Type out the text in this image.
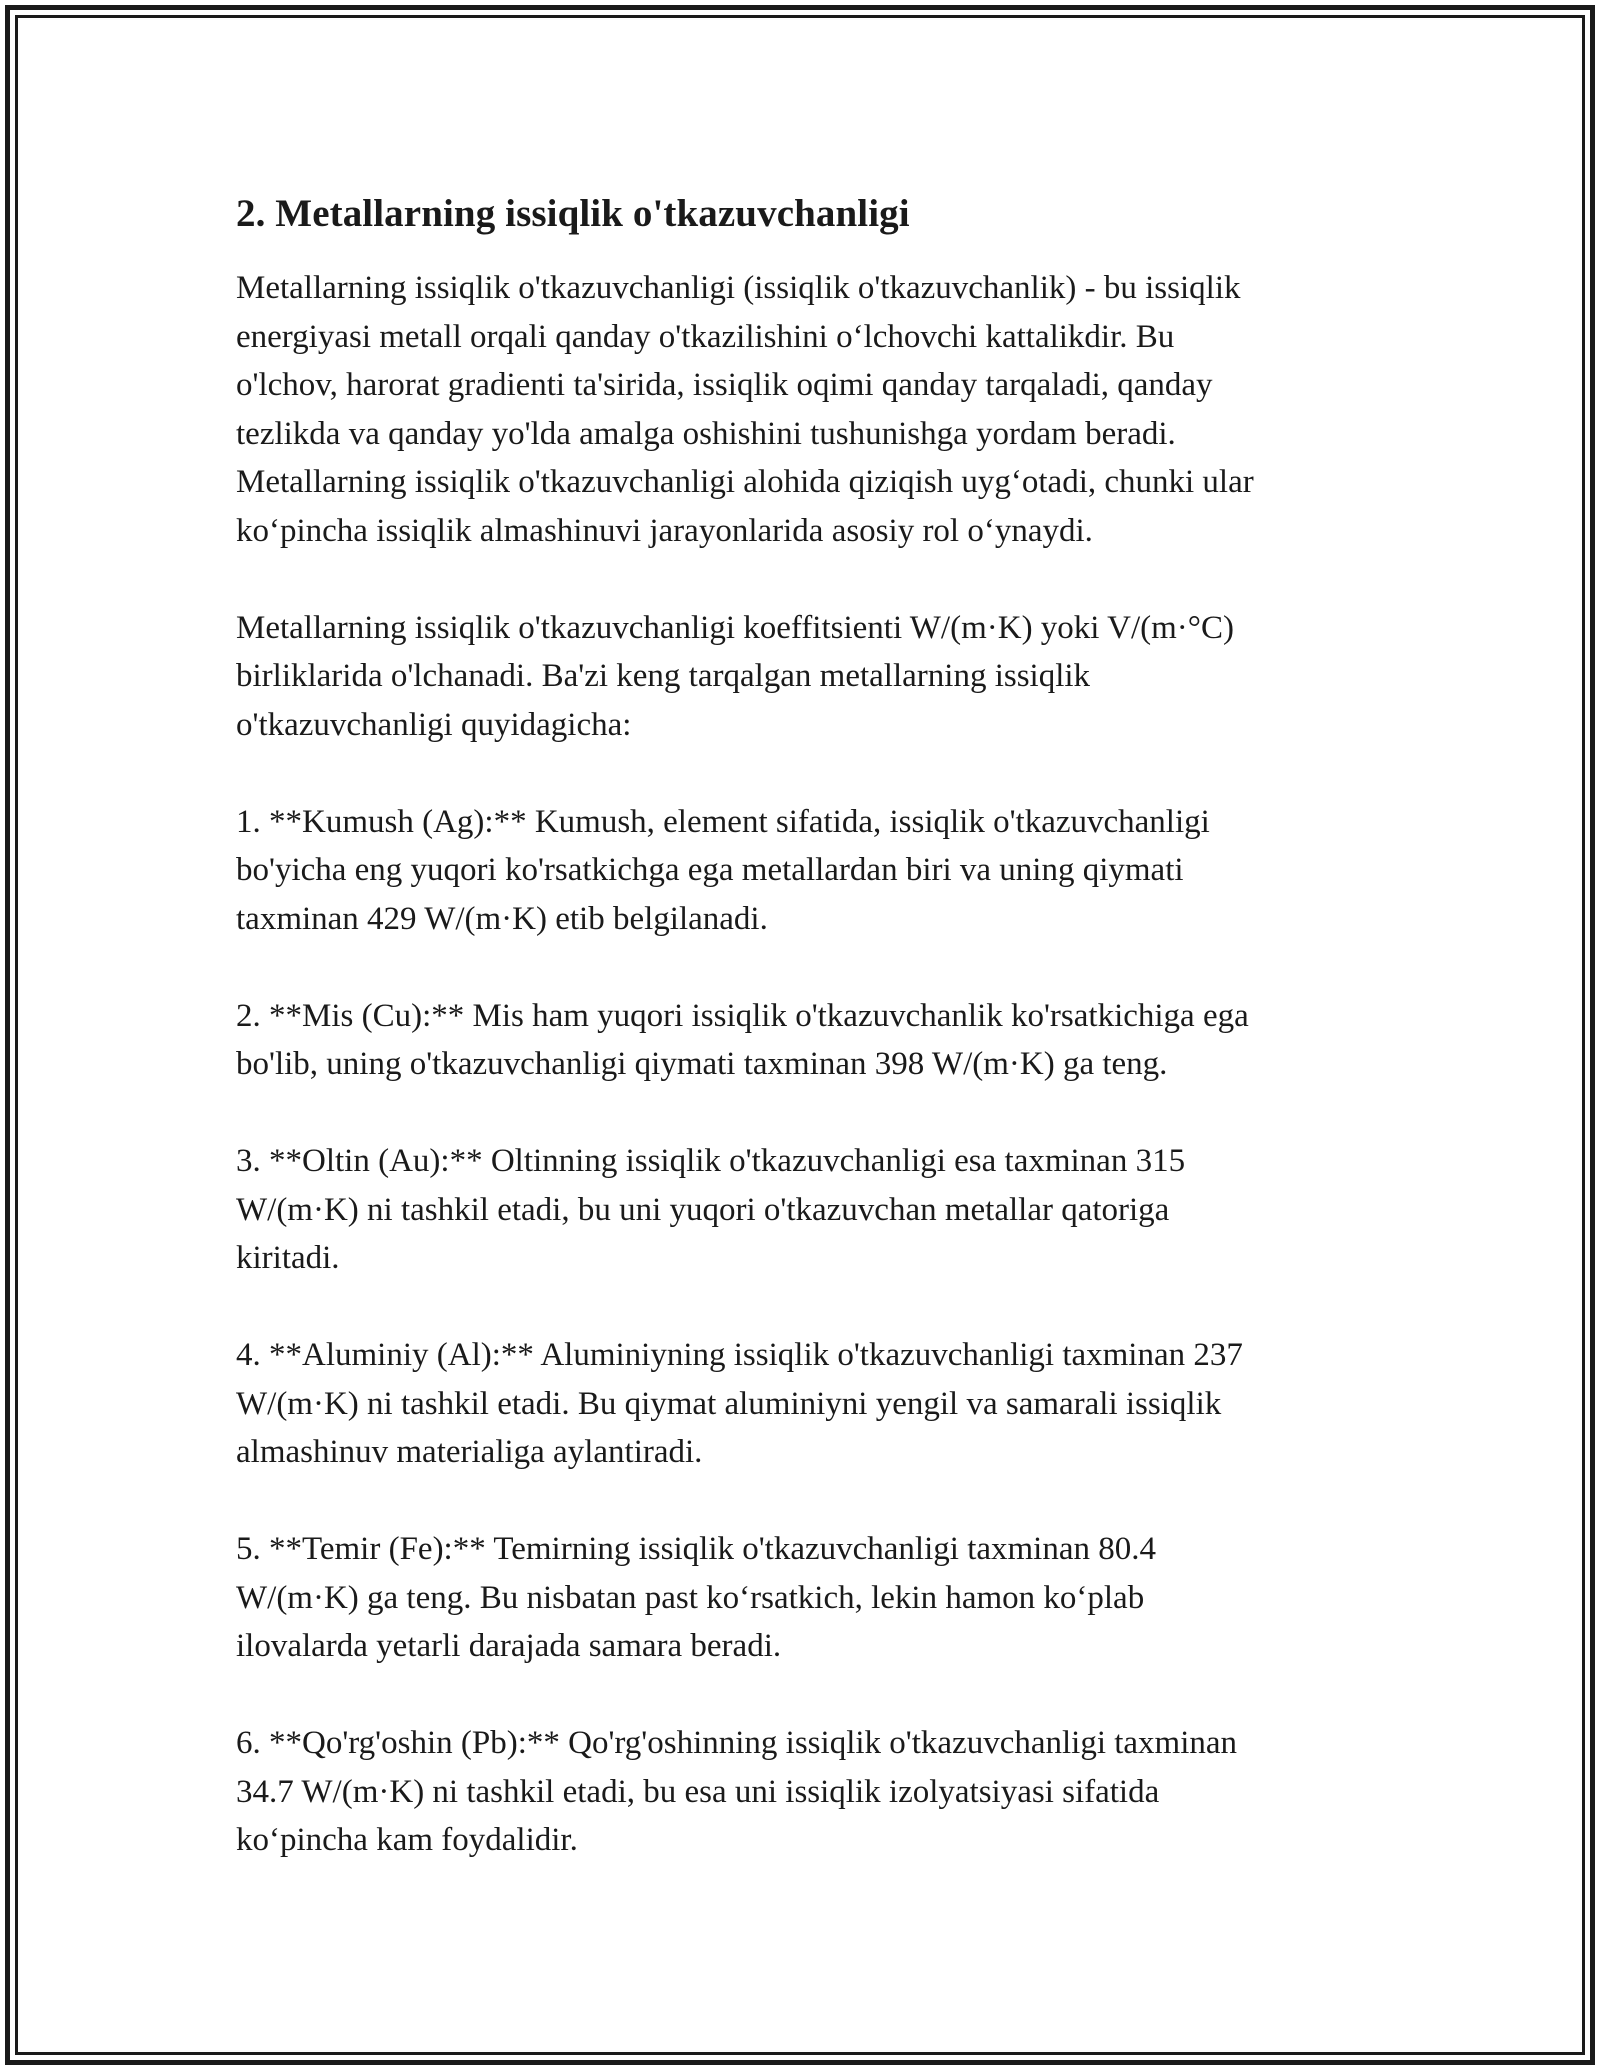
2. Metallarning issiqlik o'tkazuvchanligi

Metallarning issiqlik o'tkazuvchanligi (issiqlik o'tkazuvchanlik) - bu issiqlik
energiyasi metall orqali qanday o'tkazilishini oʻlchovchi kattalikdir. Bu
o'lchov, harorat gradienti ta'sirida, issiqlik oqimi qanday tarqaladi, qanday
tezlikda va qanday yo'lda amalga oshishini tushunishga yordam beradi.
Metallarning issiqlik o'tkazuvchanligi alohida qiziqish uygʻotadi, chunki ular
koʻpincha issiqlik almashinuvi jarayonlarida asosiy rol oʻynaydi.

Metallarning issiqlik o'tkazuvchanligi koeffitsienti W/(m·K) yoki V/(m·°C)
birliklarida o'lchanadi. Ba'zi keng tarqalgan metallarning issiqlik
o'tkazuvchanligi quyidagicha:

1. **Kumush (Ag):** Kumush, element sifatida, issiqlik o'tkazuvchanligi
bo'yicha eng yuqori ko'rsatkichga ega metallardan biri va uning qiymati
taxminan 429 W/(m·K) etib belgilanadi.

2. **Mis (Cu):** Mis ham yuqori issiqlik o'tkazuvchanlik ko'rsatkichiga ega
bo'lib, uning o'tkazuvchanligi qiymati taxminan 398 W/(m·K) ga teng.

3. **Oltin (Au):** Oltinning issiqlik o'tkazuvchanligi esa taxminan 315
W/(m·K) ni tashkil etadi, bu uni yuqori o'tkazuvchan metallar qatoriga
kiritadi.

4. **Aluminiy (Al):** Aluminiyning issiqlik o'tkazuvchanligi taxminan 237
W/(m·K) ni tashkil etadi. Bu qiymat aluminiyni yengil va samarali issiqlik
almashinuv materialiga aylantiradi.

5. **Temir (Fe):** Temirning issiqlik o'tkazuvchanligi taxminan 80.4
W/(m·K) ga teng. Bu nisbatan past koʻrsatkich, lekin hamon koʻplab
ilovalarda yetarli darajada samara beradi.

6. **Qo'rg'oshin (Pb):** Qo'rg'oshinning issiqlik o'tkazuvchanligi taxminan
34.7 W/(m·K) ni tashkil etadi, bu esa uni issiqlik izolyatsiyasi sifatida
koʻpincha kam foydalidir.
